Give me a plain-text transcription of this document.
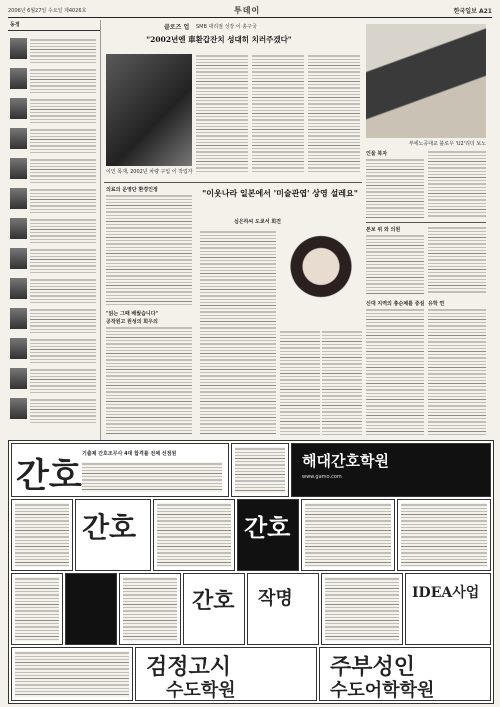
2006년 6월27일 수요일 제4026호	투데이	한국일보 A21
동정	클로즈 업 SMB 대리점 성장 이 총구국
"2002년엔 車환갑잔치 성대히 치러주겠다"
이인 목재, 2002년 차량 구입 이 작업자
부에노공대교 블로우 'U2'리더 보노
인물 북자
의료의 운영단 환경인정
"읽는 그때 배웠습니다"
공작원고 원성의 회우의
"이웃나라 일본에서 '미술관엽' 상영 설레요"
심은하씨 도쿄서 회견
본보 위 와 의원
신대 지역의 총순체를 증설 유학 연
간호
기출제 간호조무사 4대 합격률 전체 선점원	해대간호학원
www.gamo.com
간호	간호
간호 작명	IDEA사업
검정고시
수도학원
주부성인
수도어학학원
